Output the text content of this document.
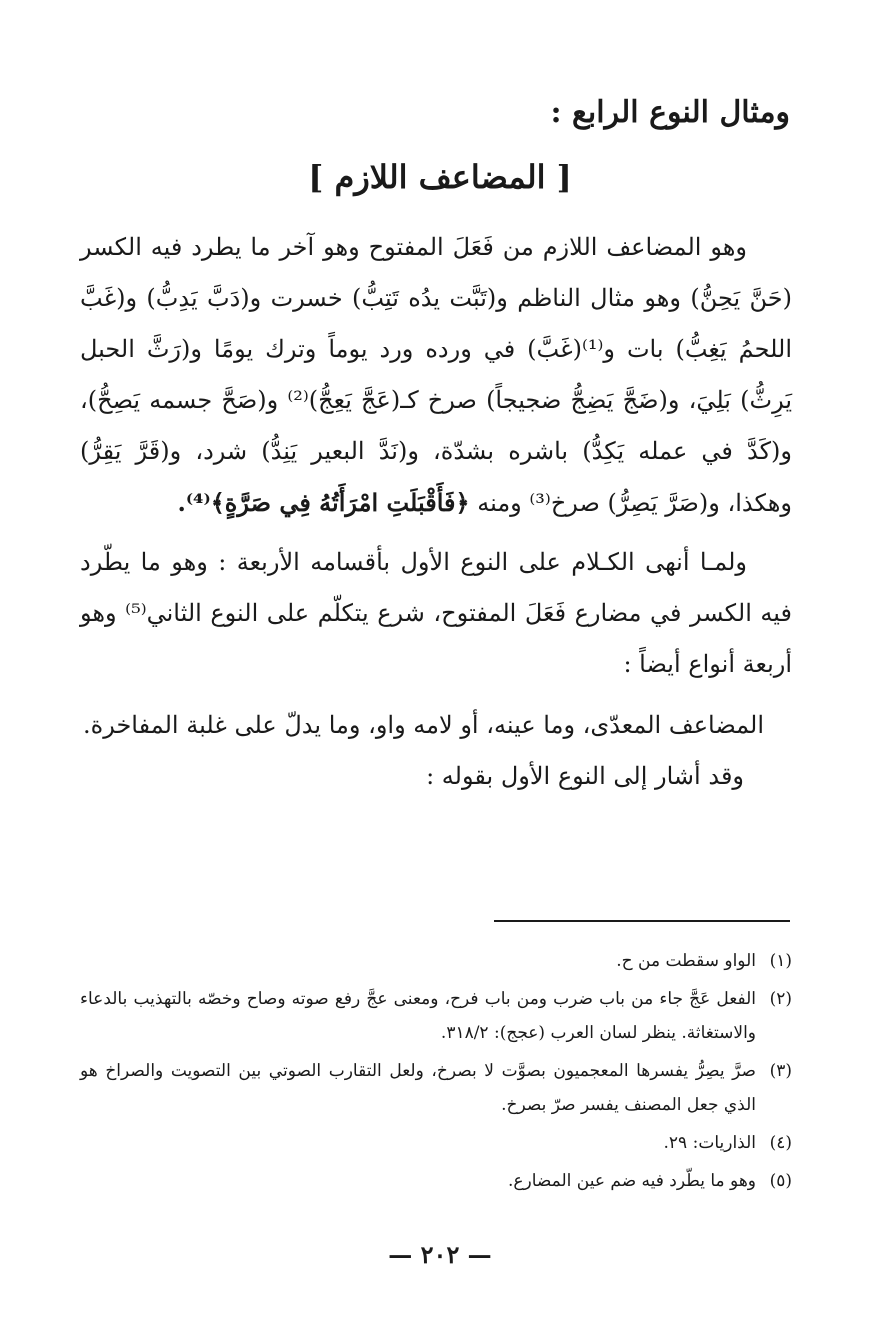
ومثال النوع الرابع :
[ المضاعف اللازم ]

وهو المضاعف اللازم من فَعَلَ المفتوح وهو آخر ما يطرد فيه الكسر (حَنَّ يَحِنُّ) وهو مثال الناظم و(تَبَّت يدُه تَتِبُّ) خسرت و(دَبَّ يَدِبُّ) و(غَبَّ اللحمُ يَغِبُّ) بات و⁽¹⁾(غَبَّ) في ورده ورد يوماً وترك يومًا و(رَثَّ الحبل يَرِثُّ) بَلِيَ، و(ضَجَّ يَضِجُّ ضجيجاً) صرخ كـ(عَجَّ يَعِجُّ)⁽²⁾ و(صَحَّ جسمه يَصِحُّ)، و(كَدَّ في عمله يَكِدُّ) باشره بشدّة، و(نَدَّ البعير يَنِدُّ) شرد، و(قَرَّ يَقِرُّ) وهكذا، و(صَرَّ يَصِرُّ) صرخ⁽³⁾ ومنه ﴿فَأَقْبَلَتِ امْرَأَتُهُ فِي صَرَّةٍ﴾⁽⁴⁾.

ولمـا أنهى الكـلام على النوع الأول بأقسامه الأربعة : وهو ما يطّرد فيه الكسر في مضارع فَعَلَ المفتوح، شرع يتكلّم على النوع الثاني⁽⁵⁾ وهو أربعة أنواع أيضاً :

المضاعف المعدّى، وما عينه، أو لامه واو، وما يدلّ على غلبة المفاخرة.

وقد أشار إلى النوع الأول بقوله :

(١)
الواو سقطت من ح.
(٢)
الفعل عَجَّ جاء من باب ضرب ومن باب فرح، ومعنى عجَّ رفع صوته وصاح وخصّه بالتهذيب بالدعاء والاستغاثة. ينظر لسان العرب (عجج): ٣١٨/٢.
(٣)
صرَّ يصِرُّ يفسرها المعجميون بصوَّت لا بصرخ، ولعل التقارب الصوتي بين التصويت والصراخ هو الذي جعل المصنف يفسر صرّ بصرخ.
(٤)
الذاريات: ٢٩.
(٥)
وهو ما يطّرد فيه ضم عين المضارع.
— ٢٠٢ —
